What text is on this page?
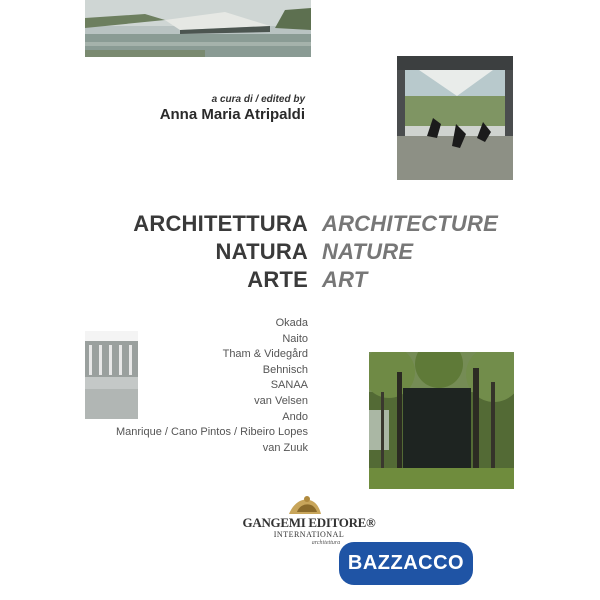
a cura di / edited by
Anna Maria Atripaldi
ARCHITETTURA
NATURA
ARTE
ARCHITECTURE
NATURE
ART
Okada
Naito
Tham & Videgård
Behnisch
SANAA
van Velsen
Ando
Manrique / Cano Pintos / Ribeiro Lopes
van Zuuk
GANGEMI EDITORE®
INTERNATIONAL
architettura
BAZZACCO
